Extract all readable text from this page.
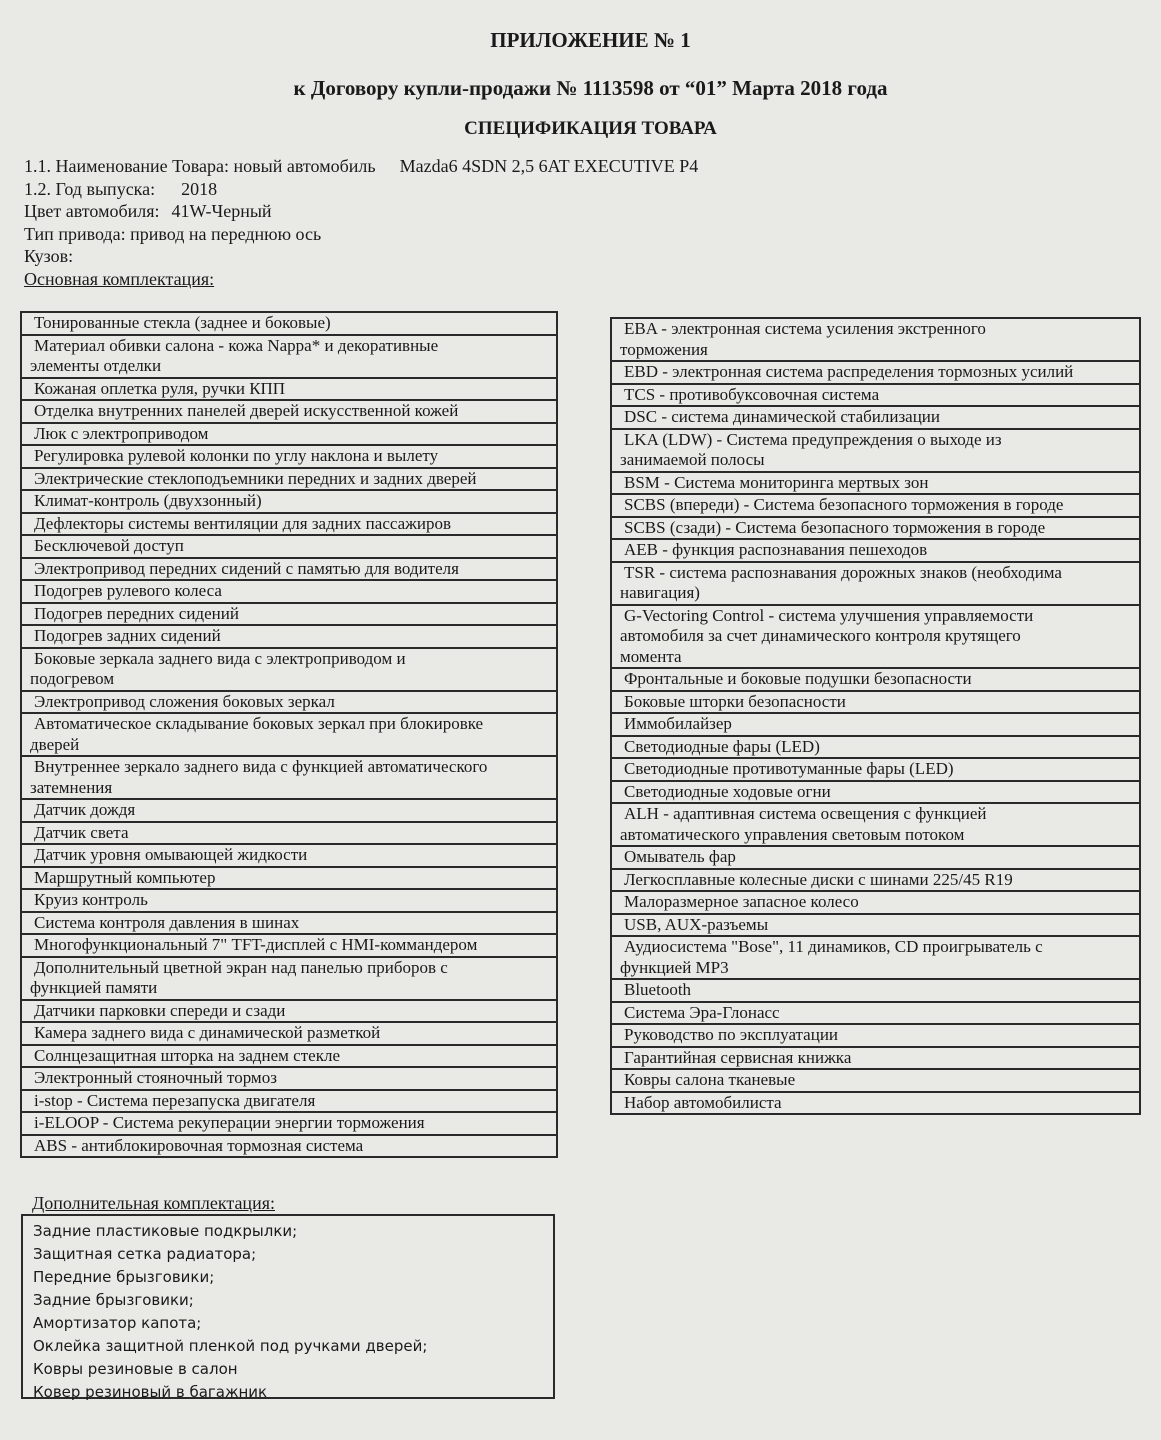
ПРИЛОЖЕНИЕ № 1
к Договору купли-продажи № 1113598 от “01” Марта 2018 года
СПЕЦИФИКАЦИЯ ТОВАРА
1.1. Наименование Товара: новый автомобиль Mazda6 4SDN 2,5 6AT EXECUTIVE P4
1.2. Год выпуска: 2018
Цвет автомобиля: 41W-Черный
Тип привода: привод на переднюю ось
Кузов:
Основная комплектация:
Тонированные стекла (заднее и боковые)

Материал обивки салона - кожа Nappa* и декоративные
элементы отделки

Кожаная оплетка руля, ручки КПП

Отделка внутренних панелей дверей искусственной кожей

Люк с электроприводом

Регулировка рулевой колонки по углу наклона и вылету

Электрические стеклоподъемники передних и задних дверей

Климат-контроль (двухзонный)

Дефлекторы системы вентиляции для задних пассажиров

Бесключевой доступ

Электропривод передних сидений с памятью для водителя

Подогрев рулевого колеса

Подогрев передних сидений

Подогрев задних сидений

Боковые зеркала заднего вида с электроприводом и
подогревом

Электропривод сложения боковых зеркал

Автоматическое складывание боковых зеркал при блокировке
дверей

Внутреннее зеркало заднего вида с функцией автоматического
затемнения

Датчик дождя

Датчик света

Датчик уровня омывающей жидкости

Маршрутный компьютер

Круиз контроль

Система контроля давления в шинах

Многофункциональный 7" TFT-дисплей с HMI-коммандером

Дополнительный цветной экран над панелью приборов с
функцией памяти

Датчики парковки спереди и сзади

Камера заднего вида с динамической разметкой

Солнцезащитная шторка на заднем стекле

Электронный стояночный тормоз

i-stop - Система перезапуска двигателя

i-ELOOP - Система рекуперации энергии торможения

ABS - антиблокировочная тормозная система
EBA - электронная система усиления экстренного
торможения

EBD - электронная система распределения тормозных усилий

TCS - противобуксовочная система

DSC - система динамической стабилизации

LKA (LDW) - Система предупреждения о выходе из
занимаемой полосы

BSM - Система мониторинга мертвых зон

SCBS (впереди) - Система безопасного торможения в городе

SCBS (сзади) - Система безопасного торможения в городе

AEB - функция распознавания пешеходов

TSR - система распознавания дорожных знаков (необходима
навигация)

G-Vectoring Control - система улучшения управляемости
автомобиля за счет динамического контроля крутящего
момента

Фронтальные и боковые подушки безопасности

Боковые шторки безопасности

Иммобилайзер

Светодиодные фары (LED)

Светодиодные противотуманные фары (LED)

Светодиодные ходовые огни

ALH - адаптивная система освещения с функцией
автоматического управления световым потоком

Омыватель фар

Легкосплавные колесные диски с шинами 225/45 R19

Малоразмерное запасное колесо

USB, AUX-разъемы

Аудиосистема "Bose", 11 динамиков, CD проигрыватель с
функцией MP3

Bluetooth

Система Эра-Глонасс

Руководство по эксплуатации

Гарантийная сервисная книжка

Ковры салона тканевые

Набор автомобилиста
Дополнительная комплектация:
Задние пластиковые подкрылки;
Защитная сетка радиатора;
Передние брызговики;
Задние брызговики;
Амортизатор капота;
Оклейка защитной пленкой под ручками дверей;
Ковры резиновые в салон
Ковер резиновый в багажник
